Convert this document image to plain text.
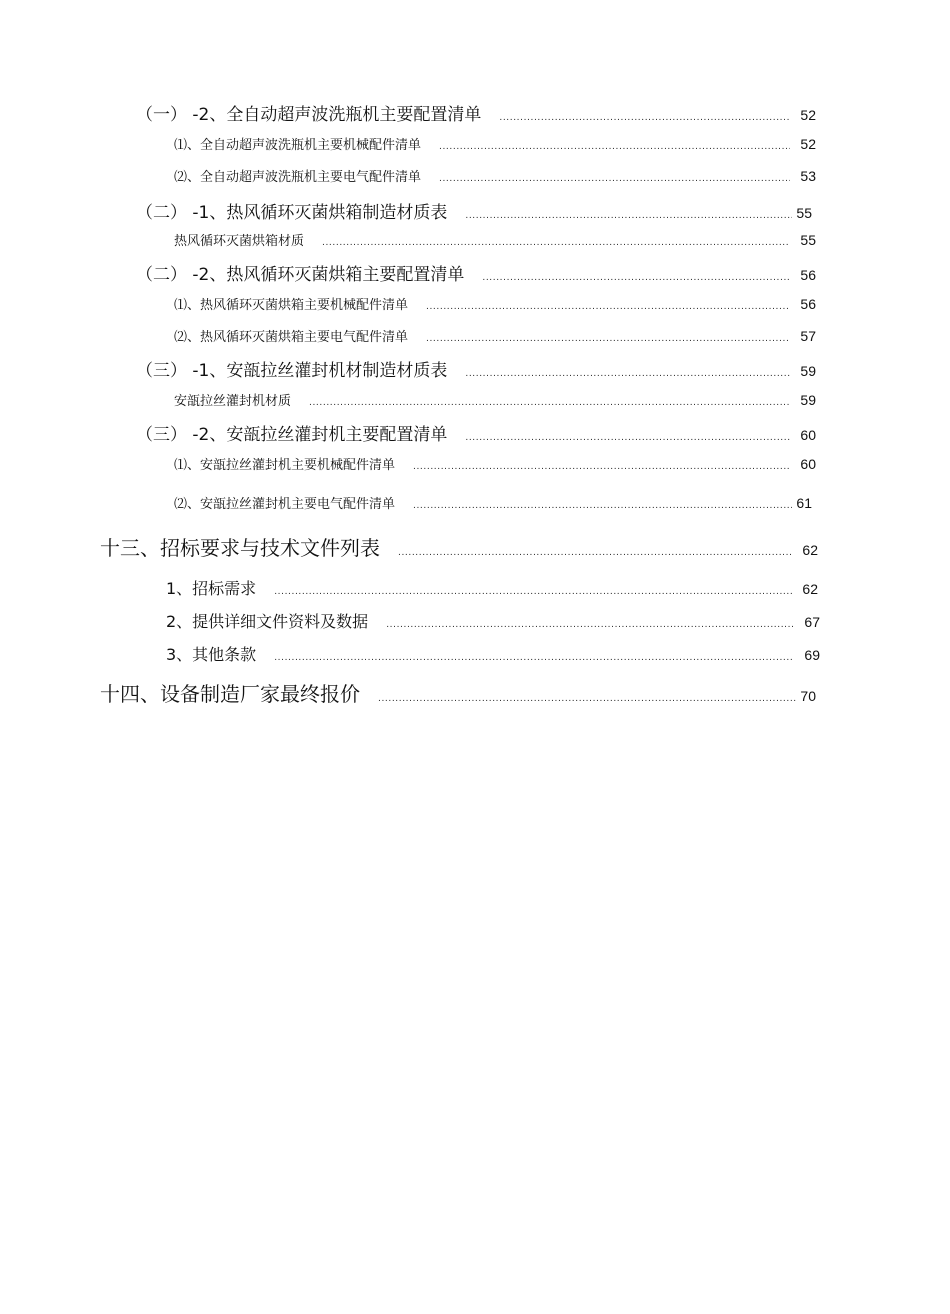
（一） -2、全自动超声波洗瓶机主要配置清单 .....	52
⑴、全自动超声波洗瓶机主要机械配件清单 .....	52
⑵、全自动超声波洗瓶机主要电气配件清单 .....	53
（二） -1、热风循环灭菌烘箱制造材质表 .....	55
热风循环灭菌烘箱材质 .....	55
（二） -2、热风循环灭菌烘箱主要配置清单 .....	56
⑴、热风循环灭菌烘箱主要机械配件清单 .....	56
⑵、热风循环灭菌烘箱主要电气配件清单 .....	57
（三） -1、安瓿拉丝灌封机材制造材质表 .....	59
安瓿拉丝灌封机材质 .....	59
（三） -2、安瓿拉丝灌封机主要配置清单 .....	60
⑴、安瓿拉丝灌封机主要机械配件清单 .....	60
⑵、安瓿拉丝灌封机主要电气配件清单 .....	61
十三、招标要求与技术文件列表 .....	62
1、招标需求 .....	62
2、提供详细文件资料及数据 .....	67
3、其他条款 .....	69
十四、设备制造厂家最终报价 .....	70
